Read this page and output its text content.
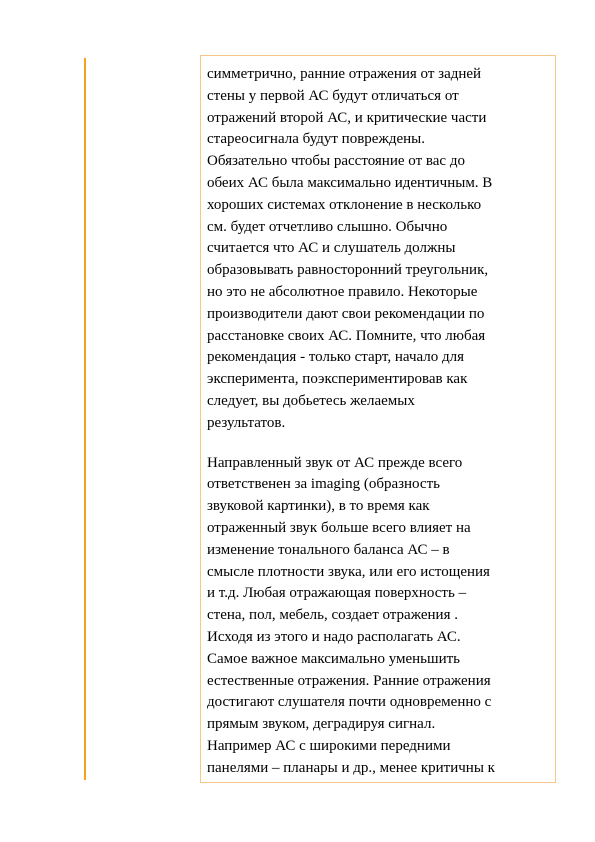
симметрично, ранние отражения от задней
стены у первой АС будут отличаться от
отражений второй АС, и критические части
стареосигнала будут повреждены.
Обязательно чтобы расстояние от вас до
обеих АС была максимально идентичным. В
хороших системах отклонение в несколько
см. будет отчетливо слышно. Обычно
считается что АС и слушатель должны
образовывать равносторонний треугольник,
но это не абсолютное правило. Некоторые
производители дают свои рекомендации по
расстановке своих АС. Помните, что любая
рекомендация - только старт, начало для
эксперимента, поэкспериментировав как
следует, вы добьетесь желаемых
результатов.

Направленный звук от АС прежде всего
ответственен за imaging (образность
звуковой картинки), в то время как
отраженный звук больше всего влияет на
изменение тонального баланса АС – в
смысле плотности звука, или его истощения
и т.д. Любая отражающая поверхность –
стена, пол, мебель, создает отражения .
Исходя из этого и надо располагать АС.
Самое важное максимально уменьшить
естественные отражения. Ранние отражения
достигают слушателя почти одновременно с
прямым звуком, деградируя сигнал.
Например АС с широкими передними
панелями – планары и др., менее критичны к
